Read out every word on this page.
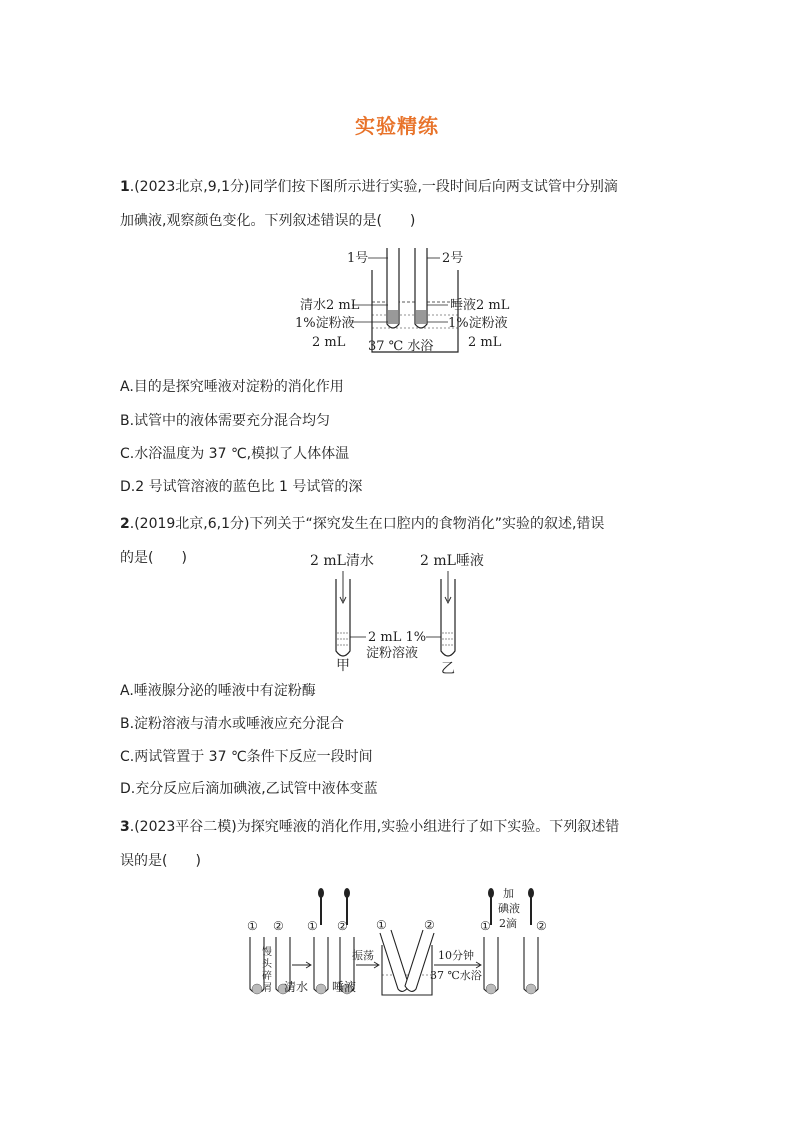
实验精练
1.(2023北京,9,1分)同学们按下图所示进行实验,一段时间后向两支试管中分别滴
加碘液,观察颜色变化。下列叙述错误的是(　　)
1号	2号
清水2 mL
1%淀粉液
2 mL
唾液2 mL
1%淀粉液
2 mL
37 ℃ 水浴
A.目的是探究唾液对淀粉的消化作用
B.试管中的液体需要充分混合均匀
C.水浴温度为 37 ℃,模拟了人体体温
D.2 号试管溶液的蓝色比 1 号试管的深
2.(2019北京,6,1分)下列关于“探究发生在口腔内的食物消化”实验的叙述,错误
的是(　　)	2 mL清水	2 mL唾液
2 mL 1%
淀粉溶液
甲	乙
A.唾液腺分泌的唾液中有淀粉酶
B.淀粉溶液与清水或唾液应充分混合
C.两试管置于 37 ℃条件下反应一段时间
D.充分反应后滴加碘液,乙试管中液体变蓝
3.(2023平谷二模)为探究唾液的消化作用,实验小组进行了如下实验。下列叙述错
误的是(　　)
① ②
馒
头
碎
屑
① ②
清水 唾液
振荡
①	②
10分钟
37 ℃水浴
①	②
加
碘液
2滴
